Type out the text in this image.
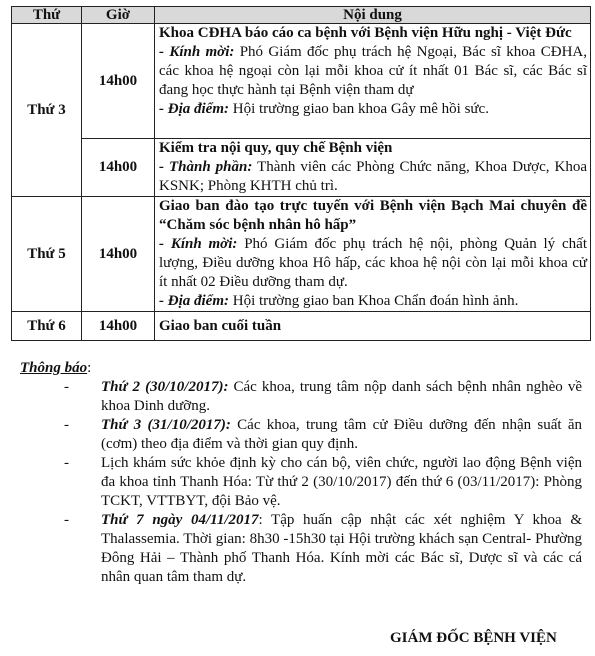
Thứ	Giờ	Nội dung
Thứ 3	14h00	Khoa CĐHA báo cáo ca bệnh với Bệnh viện Hữu nghị - Việt Đức
- Kính mời: Phó Giám đốc phụ trách hệ Ngoại, Bác sĩ khoa CĐHA, các khoa hệ ngoại còn lại mỗi khoa cử ít nhất 01 Bác sĩ, các Bác sĩ đang học thực hành tại Bệnh viện tham dự
- Địa điểm: Hội trường giao ban khoa Gây mê hồi sức.

	14h00	Kiểm tra nội quy, quy chế Bệnh viện
- Thành phần: Thành viên các Phòng Chức năng, Khoa Dược, Khoa KSNK; Phòng KHTH chủ trì.

Thứ 5	14h00	Giao ban đào tạo trực tuyến với Bệnh viện Bạch Mai chuyên đề “Chăm sóc bệnh nhân hô hấp”
- Kính mời: Phó Giám đốc phụ trách hệ nội, phòng Quản lý chất lượng, Điều dưỡng khoa Hô hấp, các khoa hệ nội còn lại mỗi khoa cử ít nhất 02 Điều dưỡng tham dự.
- Địa điểm: Hội trường giao ban Khoa Chẩn đoán hình ảnh.

Thứ 6	14h00	Giao ban cuối tuần
Thông báo:

- Thứ 2 (30/10/2017): Các khoa, trung tâm nộp danh sách bệnh nhân nghèo về khoa Dinh dưỡng.

- Thứ 3 (31/10/2017): Các khoa, trung tâm cử Điều dưỡng đến nhận suất ăn (cơm) theo địa điểm và thời gian quy định.

- Lịch khám sức khỏe định kỳ cho cán bộ, viên chức, người lao động Bệnh viện đa khoa tỉnh Thanh Hóa: Từ thứ 2 (30/10/2017) đến thứ 6 (03/11/2017): Phòng TCKT, VTTBYT, đội Bảo vệ.

- Thứ 7 ngày 04/11/2017: Tập huấn cập nhật các xét nghiệm Y khoa & Thalassemia. Thời gian: 8h30 -15h30 tại Hội trường khách sạn Central- Phường Đông Hải – Thành phố Thanh Hóa. Kính mời các Bác sĩ, Dược sĩ và các cá nhân quan tâm tham dự.

GIÁM ĐỐC BỆNH VIỆN
